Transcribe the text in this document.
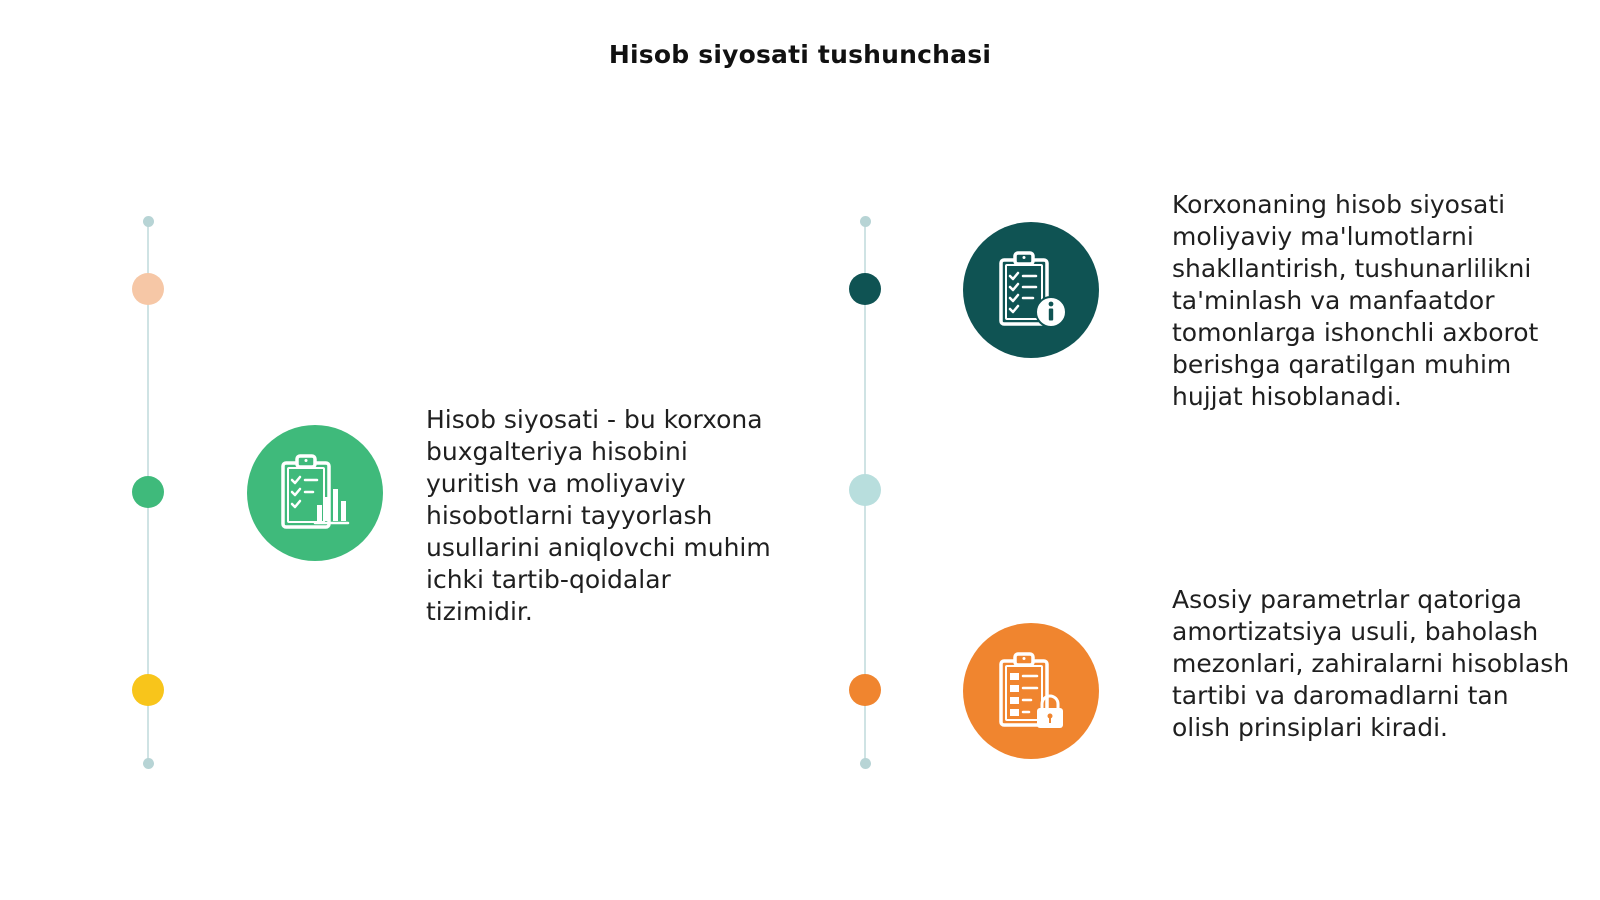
Hisob siyosati tushunchasi
Hisob siyosati - bu korxona buxgalteriya hisobini yuritish va moliyaviy hisobotlarni tayyorlash usullarini aniqlovchi muhim ichki tartib-qoidalar tizimidir.
Korxonaning hisob siyosati moliyaviy ma'lumotlarni shakllantirish, tushunarlilikni ta'minlash va manfaatdor tomonlarga ishonchli axborot berishga qaratilgan muhim hujjat hisoblanadi.
Asosiy parametrlar qatoriga amortizatsiya usuli, baholash mezonlari, zahiralarni hisoblash tartibi va daromadlarni tan olish prinsiplari kiradi.
